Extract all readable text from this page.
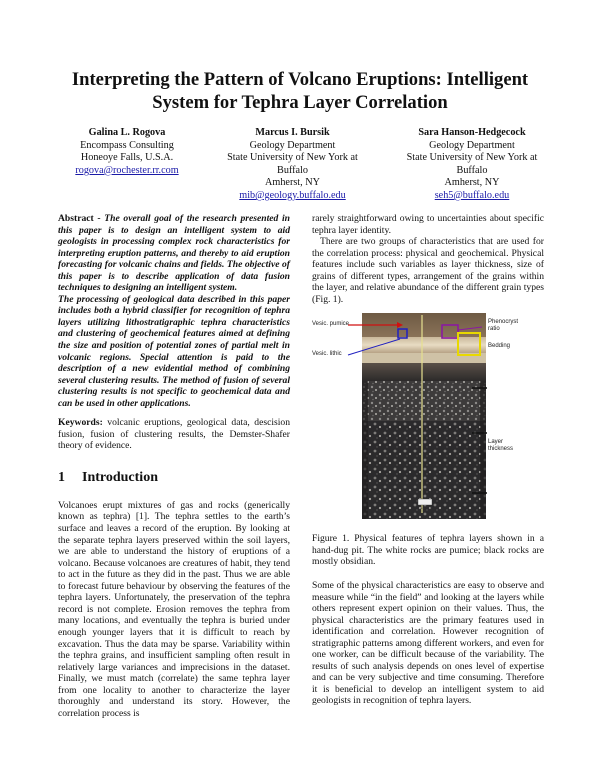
Interpreting the Pattern of Volcano Eruptions: Intelligent
System for Tephra Layer Correlation
Galina L. Rogova
Encompass Consulting
Honeoye Falls, U.S.A.
rogova@rochester.rr.com
Marcus I. Bursik
Geology Department
State University of New York at
Buffalo
Amherst, NY
mib@geology.buffalo.edu
Sara Hanson-Hedgecock
Geology Department
State University of New York at
Buffalo
Amherst, NY
seh5@buffalo.edu

Abstract - The overall goal of the research presented in this paper is to design an intelligent system to aid geologists in processing complex rock characteristics for interpreting eruption patterns, and thereby to aid eruption forecasting for volcanic chains and fields. The objective of this paper is to describe application of data fusion techniques to designing an intelligent system.

The processing of geological data described in this paper includes both a hybrid classifier for recognition of tephra layers utilizing lithostratigraphic tephra characteristics and clustering of geochemical features aimed at defining the size and position of potential zones of partial melt in volcanic regions. Special attention is paid to the description of a new evidential method of combining several clustering results. The method of fusion of several clustering results is not specific to geochemical data and can be used in other applications.

Keywords: volcanic eruptions, geological data, descision fusion, fusion of clustering results, the Demster-Shafer theory of evidence.

1 Introduction

Volcanoes erupt mixtures of gas and rocks (generically known as tephra) [1]. The tephra settles to the earth’s surface and leaves a record of the eruption. By looking at the separate tephra layers preserved within the soil layers, we are able to understand the history of eruptions of a volcano. Because volcanoes are creatures of habit, they tend to act in the future as they did in the past. Thus we are able to forecast future behaviour by observing the features of the tephra layers. Unfortunately, the preservation of the tephra record is not complete. Erosion removes the tephra from many locations, and eventually the tephra is buried under enough younger layers that it is difficult to reach by excavation. Thus the data may be sparse. Variability within the tephra grains, and insufficient sampling often result in relatively large variances and imprecisions in the dataset. Finally, we must match (correlate) the same tephra layer from one locality to another to characterize the layer thoroughly and understand its story. However, the correlation process is

rarely straightforward owing to uncertainties about specific tephra layer identity.

There are two groups of characteristics that are used for the correlation process: physical and geochemical. Physical features include such variables as layer thickness, size of grains of different types, arrangement of the grains within the layer, and relative abundance of the different grain types (Fig. 1).

Vesic. pumice
Vesic. lithic
Phenocryst ratio
Bedding
Layer thickness
10 cm

Figure 1. Physical features of tephra layers shown in a hand-dug pit. The white rocks are pumice; black rocks are mostly obsidian.

Some of the physical characteristics are easy to observe and measure while “in the field” and looking at the layers while others represent expert opinion on their values. Thus, the physical characteristics are the primary features used in identification and correlation. However recognition of stratigraphic patterns among different workers, and even for one worker, can be difficult because of the variability. The results of such analysis depends on ones level of expertise and can be very subjective and time consuming. Therefore it is beneficial to develop an intelligent system to aid geologists in recognition of tephra layers.
